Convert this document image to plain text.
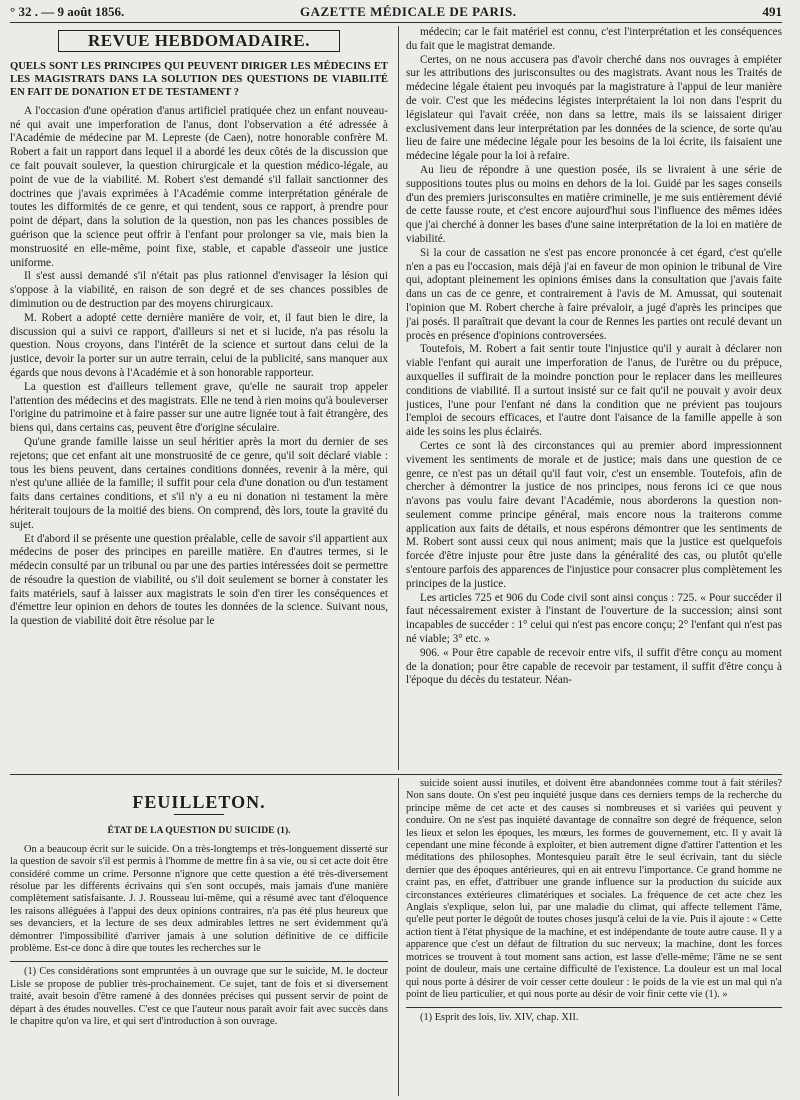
° 32 . — 9 août 1856.	GAZETTE MÉDICALE DE PARIS.	491
REVUE HEBDOMADAIRE.
QUELS SONT LES PRINCIPES QUI PEUVENT DIRIGER LES MÉDECINS ET LES MAGISTRATS DANS LA SOLUTION DES QUESTIONS DE VIABILITÉ EN FAIT DE DONATION ET DE TESTAMENT ?

A l'occasion d'une opération d'anus artificiel pratiquée chez un enfant nouveau-né qui avait une imperforation de l'anus, dont l'observation a été adressée à l'Académie de médecine par M. Lepreste (de Caen), notre honorable confrère M. Robert a fait un rapport dans lequel il a abordé les deux côtés de la discussion que ce fait pouvait soulever, la question chirurgicale et la question médico-légale, au point de vue de la viabilité. M. Robert s'est demandé s'il fallait sanctionner des doctrines que j'avais exprimées à l'Académie comme interprétation générale de toutes les difformités de ce genre, et qui tendent, sous ce rapport, à prendre pour point de départ, dans la solution de la question, non pas les chances possibles de guérison que la science peut offrir à l'enfant pour prolonger sa vie, mais bien la monstruosité en elle-même, point fixe, stable, et capable d'asseoir une justice uniforme.

Il s'est aussi demandé s'il n'était pas plus rationnel d'envisager la lésion qui s'oppose à la viabilité, en raison de son degré et de ses chances possibles de diminution ou de destruction par des moyens chirurgicaux.

M. Robert a adopté cette dernière manière de voir, et, il faut bien le dire, la discussion qui a suivi ce rapport, d'ailleurs si net et si lucide, n'a pas résolu la question. Nous croyons, dans l'intérêt de la science et surtout dans celui de la justice, devoir la porter sur un autre terrain, celui de la publicité, sans manquer aux égards que nous devons à l'Académie et à son honorable rapporteur.

La question est d'ailleurs tellement grave, qu'elle ne saurait trop appeler l'attention des médecins et des magistrats. Elle ne tend à rien moins qu'à bouleverser l'origine du patrimoine et à faire passer sur une autre lignée tout à fait étrangère, des biens qui, dans certains cas, peuvent être d'origine séculaire.

Qu'une grande famille laisse un seul héritier après la mort du dernier de ses rejetons; que cet enfant ait une monstruosité de ce genre, qu'il soit déclaré viable : tous les biens peuvent, dans certaines conditions données, revenir à la mère, qui n'est qu'une alliée de la famille; il suffit pour cela d'une donation ou d'un testament faits dans certaines conditions, et s'il n'y a eu ni donation ni testament la mère hériterait toujours de la moitié des biens. On comprend, dès lors, toute la gravité du sujet.

Et d'abord il se présente une question préalable, celle de savoir s'il appartient aux médecins de poser des principes en pareille matière. En d'autres termes, si le médecin consulté par un tribunal ou par une des parties intéressées doit se permettre de résoudre la question de viabilité, ou s'il doit seulement se borner à constater les faits matériels, sauf à laisser aux magistrats le soin d'en tirer les conséquences et d'émettre leur opinion en dehors de toutes les données de la science. Suivant nous, la question de viabilité doit être résolue par le

médecin; car le fait matériel est connu, c'est l'interprétation et les conséquences du fait que le magistrat demande.

Certes, on ne nous accusera pas d'avoir cherché dans nos ouvrages à empiéter sur les attributions des jurisconsultes ou des magistrats. Avant nous les Traités de médecine légale étaient peu invoqués par la magistrature à l'appui de leur manière de voir. C'est que les médecins légistes interprétaient la loi non dans l'esprit du législateur qui l'avait créée, non dans sa lettre, mais ils se laissaient diriger exclusivement dans leur interprétation par les données de la science, de sorte qu'au lieu de faire une médecine légale pour les besoins de la loi écrite, ils faisaient une médecine légale pour la loi à refaire.

Au lieu de répondre à une question posée, ils se livraient à une série de suppositions toutes plus ou moins en dehors de la loi. Guidé par les sages conseils d'un des premiers jurisconsultes en matière criminelle, je me suis entièrement dévié de cette fausse route, et c'est encore aujourd'hui sous l'influence des mêmes idées que j'ai cherché à donner les bases d'une saine interprétation de la loi en matière de viabilité.

Si la cour de cassation ne s'est pas encore prononcée à cet égard, c'est qu'elle n'en a pas eu l'occasion, mais déjà j'ai en faveur de mon opinion le tribunal de Vire qui, adoptant pleinement les opinions émises dans la consultation que j'avais faite dans un cas de ce genre, et contrairement à l'avis de M. Amussat, qui soutenait l'opinion que M. Robert cherche à faire prévaloir, a jugé d'après les principes que j'ai posés. Il paraîtrait que devant la cour de Rennes les parties ont reculé devant un procès en présence d'opinions controversées.

Toutefois, M. Robert a fait sentir toute l'injustice qu'il y aurait à déclarer non viable l'enfant qui aurait une imperforation de l'anus, de l'urètre ou du prépuce, auxquelles il suffirait de la moindre ponction pour le replacer dans les meilleures conditions de viabilité. Il a surtout insisté sur ce fait qu'il ne pouvait y avoir deux justices, l'une pour l'enfant né dans la condition que ne prévient pas toujours l'emploi de secours efficaces, et l'autre dont l'aisance de la famille appelle à son aide les soins les plus éclairés.

Certes ce sont là des circonstances qui au premier abord impressionnent vivement les sentiments de morale et de justice; mais dans une question de ce genre, ce n'est pas un détail qu'il faut voir, c'est un ensemble. Toutefois, afin de chercher à démontrer la justice de nos principes, nous ferons ici ce que nous n'avons pas voulu faire devant l'Académie, nous aborderons la question non-seulement comme principe général, mais encore nous la traiterons comme application aux faits de détails, et nous espérons démontrer que les sentiments de M. Robert sont aussi ceux qui nous animent; mais que la justice est quelquefois forcée d'être injuste pour être juste dans la généralité des cas, ou plutôt qu'elle s'entoure parfois des apparences de l'injustice pour consacrer plus complètement les principes de la justice.

Les articles 725 et 906 du Code civil sont ainsi conçus : 725. « Pour succéder il faut nécessairement exister à l'instant de l'ouverture de la succession; ainsi sont incapables de succéder : 1° celui qui n'est pas encore conçu; 2° l'enfant qui n'est pas né viable; 3° etc. »

906. « Pour être capable de recevoir entre vifs, il suffit d'être conçu au moment de la donation; pour être capable de recevoir par testament, il suffit d'être conçu à l'époque du décès du testateur. Néan-

FEUILLETON.
ÉTAT DE LA QUESTION DU SUICIDE (1).

On a beaucoup écrit sur le suicide. On a très-longtemps et très-longuement disserté sur la question de savoir s'il est permis à l'homme de mettre fin à sa vie, ou si cet acte doit être considéré comme un crime. Personne n'ignore que cette question a été très-diversement résolue par les différents écrivains qui s'en sont occupés, mais jamais d'une manière complètement satisfaisante. J. J. Rousseau lui-même, qui a résumé avec tant d'éloquence les raisons alléguées à l'appui des deux opinions contraires, n'a pas été plus heureux que ses devanciers, et la lecture de ses deux admirables lettres ne sert évidemment qu'à démontrer l'impossibilité d'arriver jamais à une solution définitive de ce difficile problème. Est-ce donc à dire que toutes les recherches sur le

(1) Ces considérations sont empruntées à un ouvrage que sur le suicide, M. le docteur Lisle se propose de publier très-prochainement. Ce sujet, tant de fois et si diversement traité, avait besoin d'être ramené à des données précises qui pussent servir de point de départ à des études nouvelles. C'est ce que l'auteur nous paraît avoir fait avec succès dans le chapitre qu'on va lire, et qui sert d'introduction à son ouvrage.

suicide soient aussi inutiles, et doivent être abandonnées comme tout à fait stériles? Non sans doute. On s'est peu inquiété jusque dans ces derniers temps de la recherche du principe même de cet acte et des causes si nombreuses et si variées qui peuvent y conduire. On ne s'est pas inquiété davantage de connaître son degré de fréquence, selon les lieux et selon les époques, les mœurs, les formes de gouvernement, etc. Il y avait là cependant une mine féconde à exploiter, et bien autrement digne d'attirer l'attention et les méditations des philosophes. Montesquieu paraît être le seul écrivain, tant du siècle dernier que des époques antérieures, qui en ait entrevu l'importance. Ce grand homme ne craint pas, en effet, d'attribuer une grande influence sur la production du suicide aux circonstances extérieures climatériques et sociales. La fréquence de cet acte chez les Anglais s'explique, selon lui, par une maladie du climat, qui affecte tellement l'âme, qu'elle peut porter le dégoût de toutes choses jusqu'à celui de la vie. Puis il ajoute : « Cette action tient à l'état physique de la machine, et est indépendante de toute autre cause. Il y a apparence que c'est un défaut de filtration du suc nerveux; la machine, dont les forces motrices se trouvent à tout moment sans action, est lasse d'elle-même; l'âme ne se sent point de douleur, mais une certaine difficulté de l'existence. La douleur est un mal local qui nous porte à désirer de voir cesser cette douleur : le poids de la vie est un mal qui n'a point de lieu particulier, et qui nous porte au désir de voir finir cette vie (1). »

(1) Esprit des lois, liv. XIV, chap. XII.
